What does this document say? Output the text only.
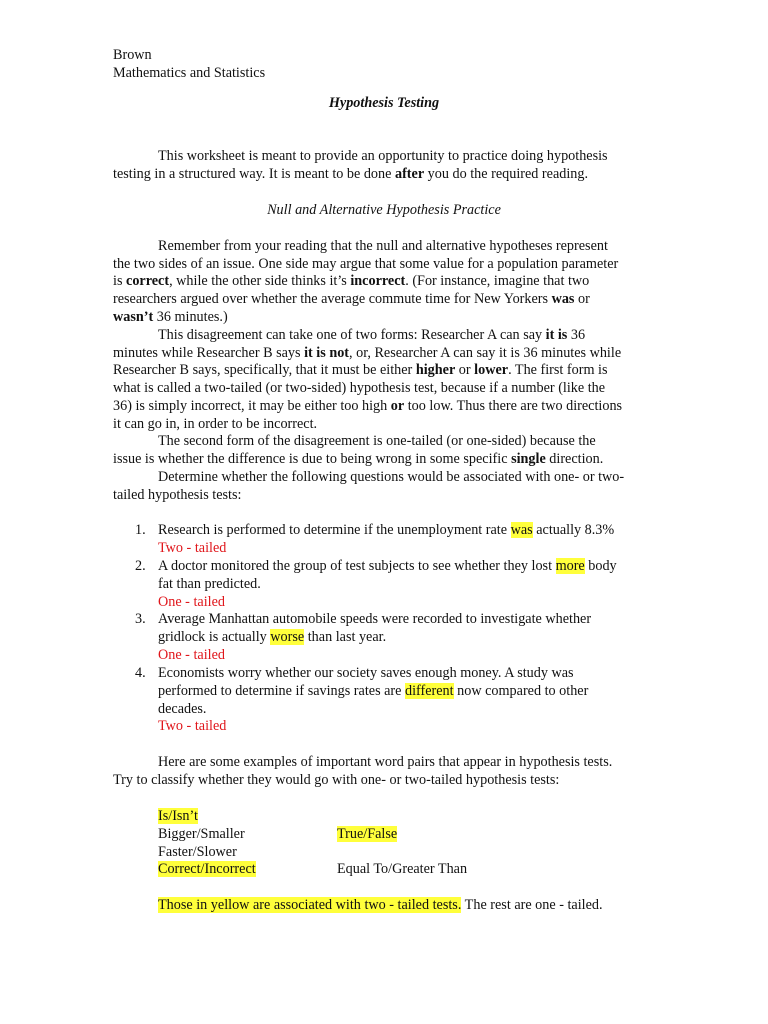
Brown

Mathematics and Statistics

Hypothesis Testing

This worksheet is meant to provide an opportunity to practice doing hypothesis

testing in a structured way. It is meant to be done after you do the required reading.

Null and Alternative Hypothesis Practice

Remember from your reading that the null and alternative hypotheses represent

the two sides of an issue. One side may argue that some value for a population parameter

is correct, while the other side thinks it’s incorrect. (For instance, imagine that two

researchers argued over whether the average commute time for New Yorkers was or

wasn’t 36 minutes.)

This disagreement can take one of two forms: Researcher A can say it is 36

minutes while Researcher B says it is not, or, Researcher A can say it is 36 minutes while

Researcher B says, specifically, that it must be either higher or lower. The first form is

what is called a two-tailed (or two-sided) hypothesis test, because if a number (like the

36) is simply incorrect, it may be either too high or too low. Thus there are two directions

it can go in, in order to be incorrect.

The second form of the disagreement is one-tailed (or one-sided) because the

issue is whether the difference is due to being wrong in some specific single direction.

Determine whether the following questions would be associated with one- or two-

tailed hypothesis tests:

1. Research is performed to determine if the unemployment rate was actually 8.3%

Two - tailed

2. A doctor monitored the group of test subjects to see whether they lost more body

fat than predicted.

One - tailed

3. Average Manhattan automobile speeds were recorded to investigate whether

gridlock is actually worse than last year.

One - tailed

4. Economists worry whether our society saves enough money. A study was

performed to determine if savings rates are different now compared to other

decades.

Two - tailed

Here are some examples of important word pairs that appear in hypothesis tests.

Try to classify whether they would go with one- or two-tailed hypothesis tests:

Is/Isn’t

Bigger/Smaller	True/False

Faster/Slower

Correct/Incorrect	Equal To/Greater Than

Those in yellow are associated with two - tailed tests. The rest are one - tailed.
